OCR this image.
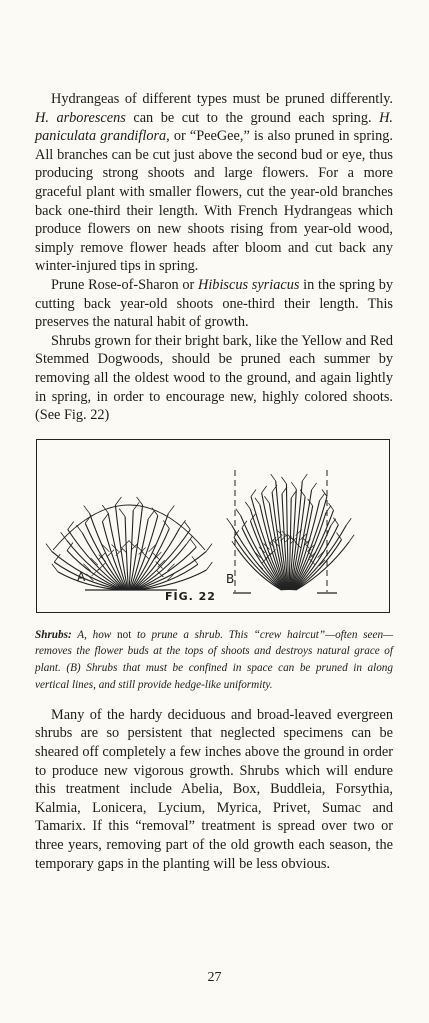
Hydrangeas of different types must be pruned differently. H. arborescens can be cut to the ground each spring. H. paniculata grandiflora, or “PeeGee,” is also pruned in spring. All branches can be cut just above the second bud or eye, thus producing strong shoots and large flowers. For a more graceful plant with smaller flowers, cut the year-old branches back one-third their length. With French Hydrangeas which produce flowers on new shoots rising from year-old wood, simply remove flower heads after bloom and cut back any winter-injured tips in spring.

Prune Rose-of-Sharon or Hibiscus syriacus in the spring by cutting back year-old shoots one-third their length. This preserves the natural habit of growth.

Shrubs grown for their bright bark, like the Yellow and Red Stemmed Dogwoods, should be pruned each summer by removing all the oldest wood to the ground, and again lightly in spring, in order to encourage new, highly colored shoots. (See Fig. 22)

A	B
FIG. 22

Shrubs: A, how not to prune a shrub. This “crew haircut”—often seen—removes the flower buds at the tops of shoots and destroys natural grace of plant. (B) Shrubs that must be confined in space can be pruned in along vertical lines, and still provide hedge-like uniformity.

Many of the hardy deciduous and broad-leaved evergreen shrubs are so persistent that neglected specimens can be sheared off completely a few inches above the ground in order to produce new vigorous growth. Shrubs which will endure this treatment include Abelia, Box, Buddleia, Forsythia, Kalmia, Lonicera, Lycium, Myrica, Privet, Sumac and Tamarix. If this “removal” treatment is spread over two or three years, removing part of the old growth each season, the temporary gaps in the planting will be less obvious.

27
